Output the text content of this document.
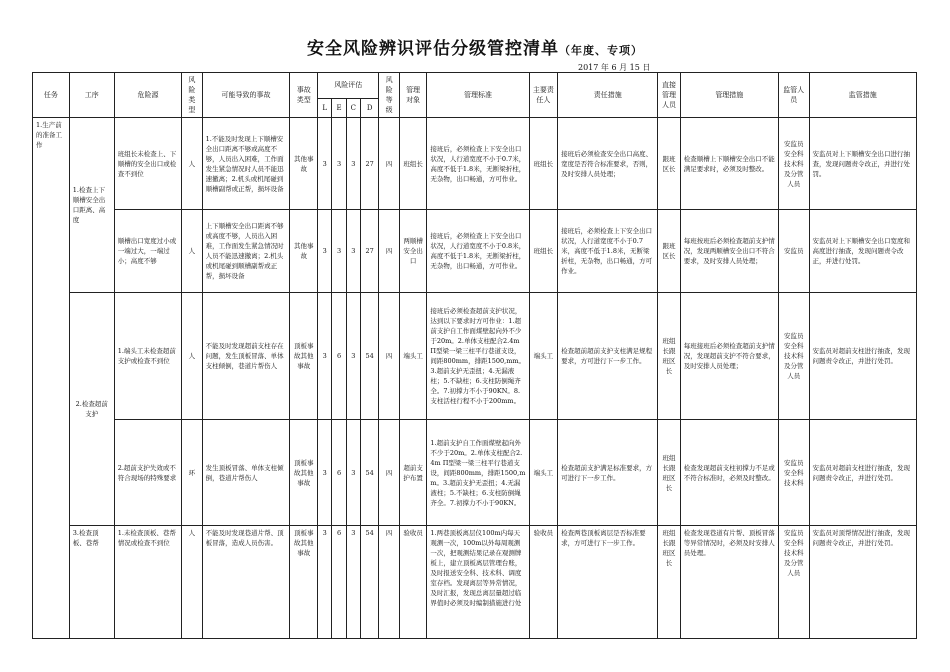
安全风险辨识评估分级管控清单（年度、专项）
2017 年 6 月 15 日
任务	工序	危险源	风险类型	可能导致的事故	事故类型	风险评估				风险等级	管理对象	管理标准	主要责任人	责任措施	直接管理人员	管理措施	监管人员	监管措施
						L	E	C	D									
1.生产前的准备工作	1.检查上下顺槽安全出口距离、高度	班组长未检查上、下顺槽的安全出口或检查不到位	人	1.不能及时发现上下顺槽安全出口距离不够或高度不够，人员出入困难，工作面发生紧急情况时人员不能迅速撤离；2.机头或机尾碰到顺槽副帮或正帮，损坏设备	其他事故	3	3	3	27	四	班组长	接班后，必须检查上下安全出口状况，人行道宽度不小于0.7米，高度不低于1.8米，无断梁折柱，无杂物，出口畅通，方可作业。	班组长	接班后必须检查安全出口高度、宽度是否符合标准要求，否则，及时安排人员处理；	跟班区长	检查顺槽上下顺槽安全出口不能满足要求时，必须及时整改。	安监员安全科技术科及分管人员	安监员对上下顺槽安全出口进行抽查，发现问题责令改正，并进行处罚。
		顺槽出口宽度过小或一端过大，一端过小；高度不够	人	上下顺槽安全出口距离不够或高度不够，人员出入困难，工作面发生紧急情况时人员不能迅速撤离；2.机头或机尾碰到顺槽副帮或正帮，损坏设备	其他事故	3	3	3	27	四	两顺槽安全出口	接班后，必须检查上下安全出口状况，人行道宽度不小于0.8米，高度不低于1.8米，无断梁折柱，无杂物，出口畅通，方可作业。	班组长	接班后，必须检查上下安全出口状况，人行道宽度不小于0.7米，高度不低于1.8米，无断梁折柱，无杂物，出口畅通，方可作业。	跟班区长	每班按班后必须检查超前支护情况，发现两顺槽安全出口不符合要求，及时安排人员处理；	安监员	安监员对上下顺槽安全出口宽度和高度进行抽查，发现问题责令改正，并进行处罚。
	2.检查超前支护	1.端头工未检查超前支护或检查不到位	人	不能及时发现超前支柱存在问题，发生顶板冒落、单体支柱倾倒，巷道片帮伤人	顶板事故其他事故	3	6	3	54	四	端头工	接班后必须检查超前支护状况，达到以下要求时方可作业：1.超前支护自工作面煤壁起向外不少于20m。2.单体支柱配合2.4m Π型梁一梁三柱平行巷道支设，间距800mm，排距1500,mm。3.超前支护无歪扭；4.无漏液柱；5.不缺柱；6.支柱防倒绳齐全。7.初撑力不小于90KN。8.支柱活柱行程不小于200mm。	端头工	检查超前超前支护支柱满足规程要求，方可进行下一步工作。	班组长跟班区长	每班接班后必须检查超前支护情况，发现超前支护不符合要求，及时安排人员处理；	安监员安全科技术科及分管人员	安监员对超前支柱进行抽查，发现问题责令改正，并进行处罚。
		2.超前支护失效或不符合现场的特殊要求	环	发生顶板冒落、单体支柱倾倒，巷道片帮伤人	顶板事故其他事故	3	6	3	54	四	超前支护布置	1.超前支护自工作面煤壁起向外不少于20m。2.单体支柱配合2.4m Π型梁一梁三柱平行巷道支设，间距800mm，排距1500,mm。3.超前支护无歪扭；4.无漏液柱；5.不缺柱；6.支柱防倒绳齐全。7.初撑力不小于90KN。	端头工	检查超前支护满足标准要求，方可进行下一步工作。	班组长跟班区长	检查发现超前支柱初撑力不足或不符合标准时，必须及时整改。	安监员安全科技术科	安监员对超前支柱进行抽查，发现问题责令改正，并进行处罚。
	3.检查顶板、巷帮	1.未检查顶板、巷帮情况或检查不到位	人	不能及时发现巷道片帮、顶板冒落，造成人员伤害。	顶板事故其他事故	3	6	3	54	四	验收员	1.两巷顶板离层仪100m内每天观测一次，100m以外每周观测一次，把观测结果记录在观测牌板上，建立顶板离层管理台账，及时报送安全科、技术科、调度室存档。发现离层等异常情况，及时汇报，发现总离层量超过临界值时必须及时编制措施进行处	验收员	检查两巷顶板离层是否标准要求，方可进行下一步工作。	班组长跟班区长	检查发现巷道有片帮、顶板冒落等异常情况时，必须及时安排人员处理。	安监员安全科技术科及分管人员	安监员对顶帮情况进行抽查，发现问题责令改正，并进行处罚。
